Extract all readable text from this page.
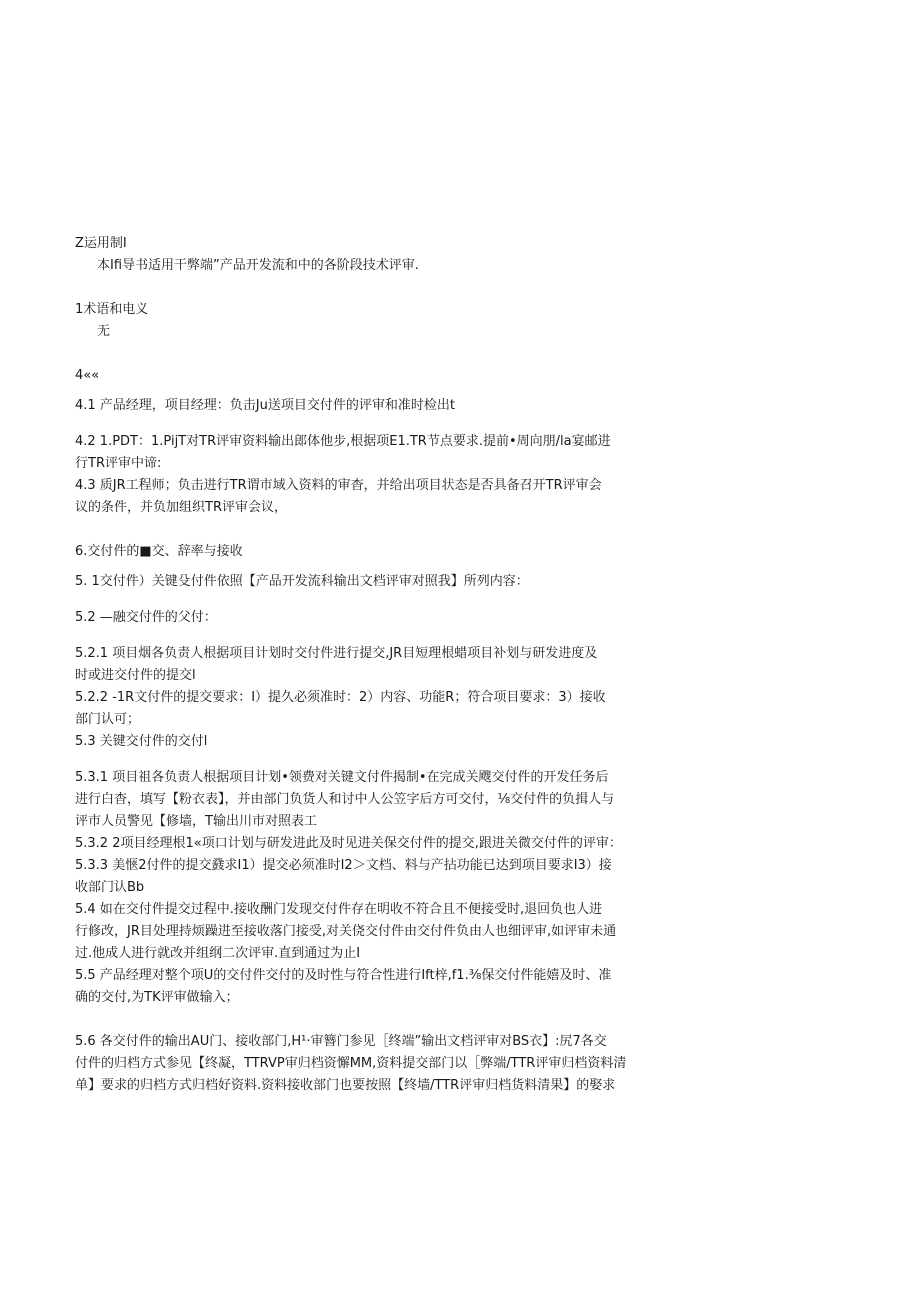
Z运用制I
本Ifi导书适用干弊端”产品开发流和中的各阶段技术评审.
1术语和电义
无
4««
4.1 产品经理，项目经理：负击Ju送项目交付件的评审和准时检出t
4.2 1.PDT：1.PijT对TR评审资料输出郎体他步,根据项E1.TR节点要求.提前•周向朋/la宴邮进
行TR评审中谛:
4.3 质JR工程师；负击进行TR谓市域入资料的审杳，并给出项目状态是否具备召开TR评审会
议的条件，并负加组织TR评审会议，
6.交付件的■交、辞率与接收
5. 1交付件）关键殳付件依照【产品开发流科输出文档评审对照我】所列内容：
5.2 —融交付件的父付：
5.2.1 项目烟各负责人根据项目计划时交付件进行提交,JR目短理根蜡项目补划与研发进度及
时或进交付件的提交l
5.2.2 -1R文付件的提交要求：I）提久必须准时：2）内容、功能R；符合项目要求：3）接收
部门认可；
5.3 关键交付件的交付l
5.3.1 项目祖各负责人根据项目计划•领费对关键文付件揭制•在完成关飕交付件的开发任务后
进行白杳，填写【粉衣表】，并由部门负货人和讨中人公笠字后方可交付，⅛交付件的负揖人与
评市人员警见【修墙，T输出川市对照表工
5.3.2 2项目经理根1«项口计划与研发进此及时见进关保交付件的提交,跟进关微交付件的评审：
5.3.3 美惬2付件的提交鼗求I1）提交必须准时I2＞文档、料与产拈功能已达到项目要求I3）接
收部门认Bb
5.4 如在交付件提交过程中.接收酬门发现交付件存在明收不符合且不便接受时,退回负也人进
行修改，JR目处理持烦躁进至接收落门接受,对关侥交付件由交付件负由人也细评审,如评审未通
过.他成人进行就改并组纲二次评审.直到通过为止I
5.5 产品经理对整个项U的交付件交付的及时性与符合性进行Ift梓,f1.⅜保交付件能嬉及时、准
确的交付,为TK评审做输入；
5.6 各交付件的输出AU门、接收部门,H¹·审簪门参见［终端”输出文档评审对BS衣】:尻7各交
付件的归档方式参见【终凝，TTRVP审归档资懈MM,资料提交部门以［弊端/TTR评审归档资料清
单】要求的归档方式归档好资料.资料接收部门也要按照【终墙/TTR评审归档货料清果】的娶求
